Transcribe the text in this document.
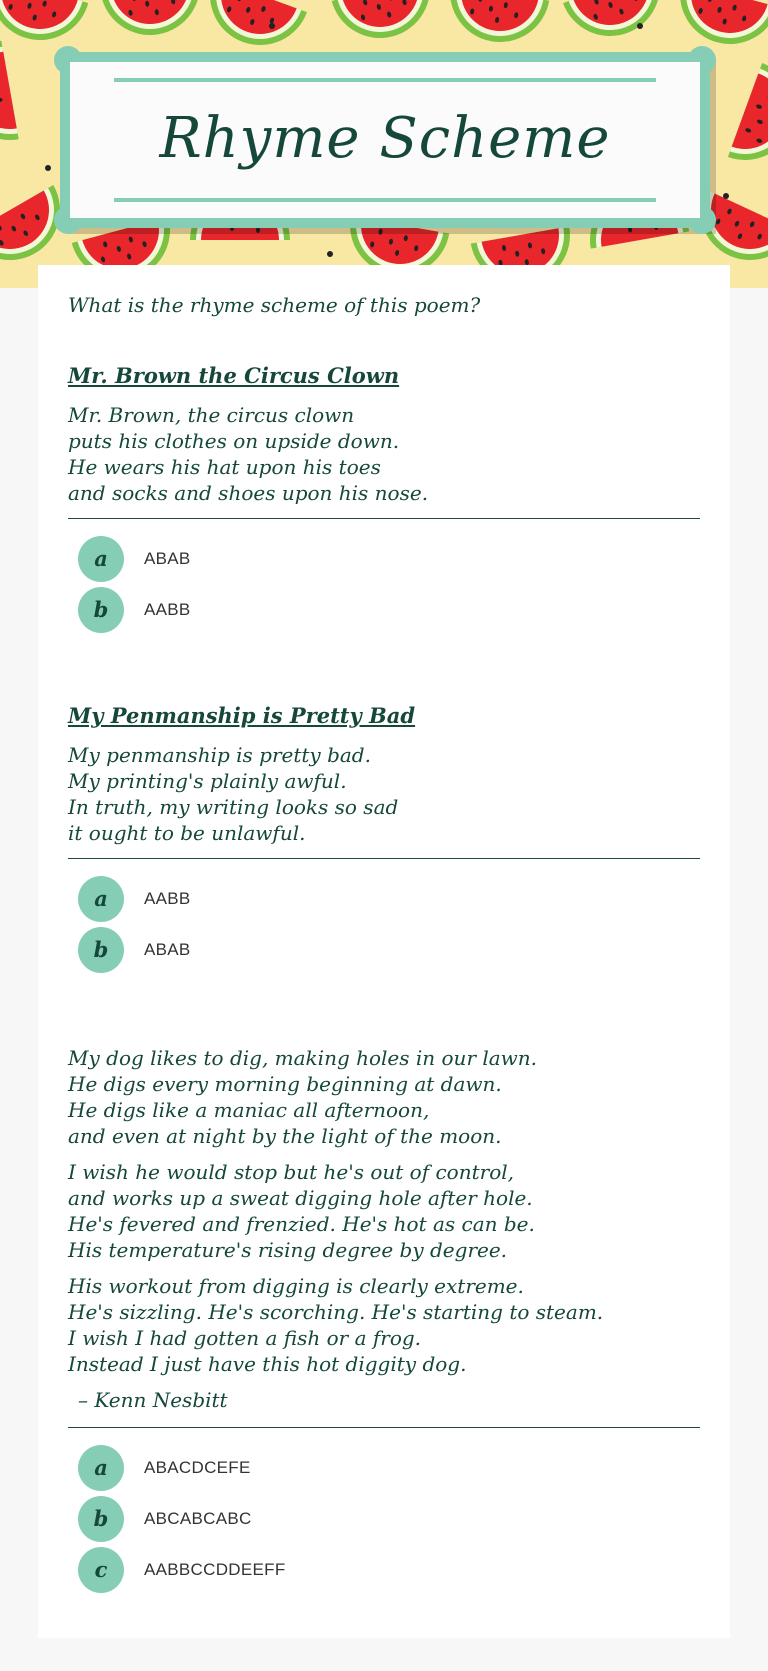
Rhyme Scheme
What is the rhyme scheme of this poem?
Mr. Brown the Circus Clown
Mr. Brown, the circus clown
puts his clothes on upside down.
He wears his hat upon his toes
and socks and shoes upon his nose.
a	ABAB
b	AABB
My Penmanship is Pretty Bad
My penmanship is pretty bad.
My printing's plainly awful.
In truth, my writing looks so sad
it ought to be unlawful.
a	AABB
b	ABAB
My dog likes to dig, making holes in our lawn.
He digs every morning beginning at dawn.
He digs like a maniac all afternoon,
and even at night by the light of the moon.
I wish he would stop but he's out of control,
and works up a sweat digging hole after hole.
He's fevered and frenzied. He's hot as can be.
His temperature's rising degree by degree.
His workout from digging is clearly extreme.
He's sizzling. He's scorching. He's starting to steam.
I wish I had gotten a fish or a frog.
Instead I just have this hot diggity dog.
– Kenn Nesbitt
a	ABACDCEFE
b	ABCABCABC
c	AABBCCDDEEFF
